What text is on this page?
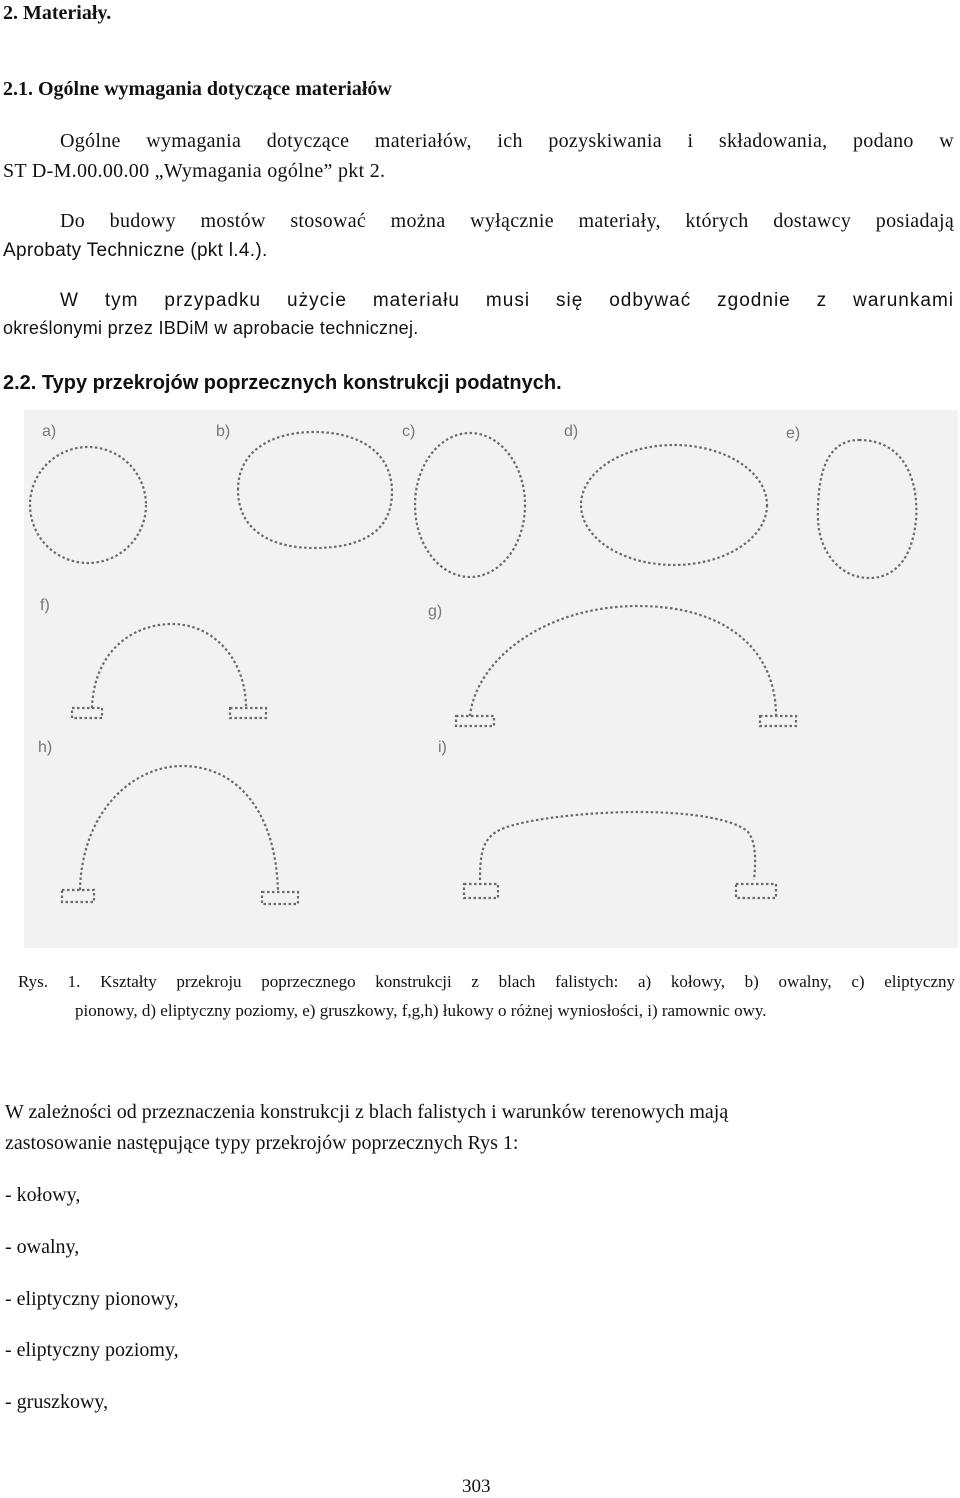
2. Materiały.
2.1. Ogólne wymagania dotyczące materiałów

Ogólne wymagania dotyczące materiałów, ich pozyskiwania i składowania, podano w

ST D-M.00.00.00 „Wymagania ogólne” pkt 2.

Do budowy mostów stosować można wyłącznie materiały, których dostawcy posiadają

Aprobaty Techniczne (pkt l.4.).

W tym przypadku użycie materiału musi się odbywać zgodnie z warunkami

określonymi przez IBDiM w aprobacie technicznej.

2.2. Typy przekrojów poprzecznych konstrukcji podatnych.
a)	b)	c)	d)	e)
f)	g)
h)	i)

Rys. 1. Kształty przekroju poprzecznego konstrukcji z blach falistych: a) kołowy, b) owalny, c) eliptyczny

pionowy, d) eliptyczny poziomy, e) gruszkowy, f,g,h) łukowy o różnej wyniosłości, i) ramownic owy.

W zależności od przeznaczenia konstrukcji z blach falistych i warunków terenowych mają

zastosowanie następujące typy przekrojów poprzecznych Rys 1:

- kołowy,

- owalny,

- eliptyczny pionowy,

- eliptyczny poziomy,

- gruszkowy,

303
